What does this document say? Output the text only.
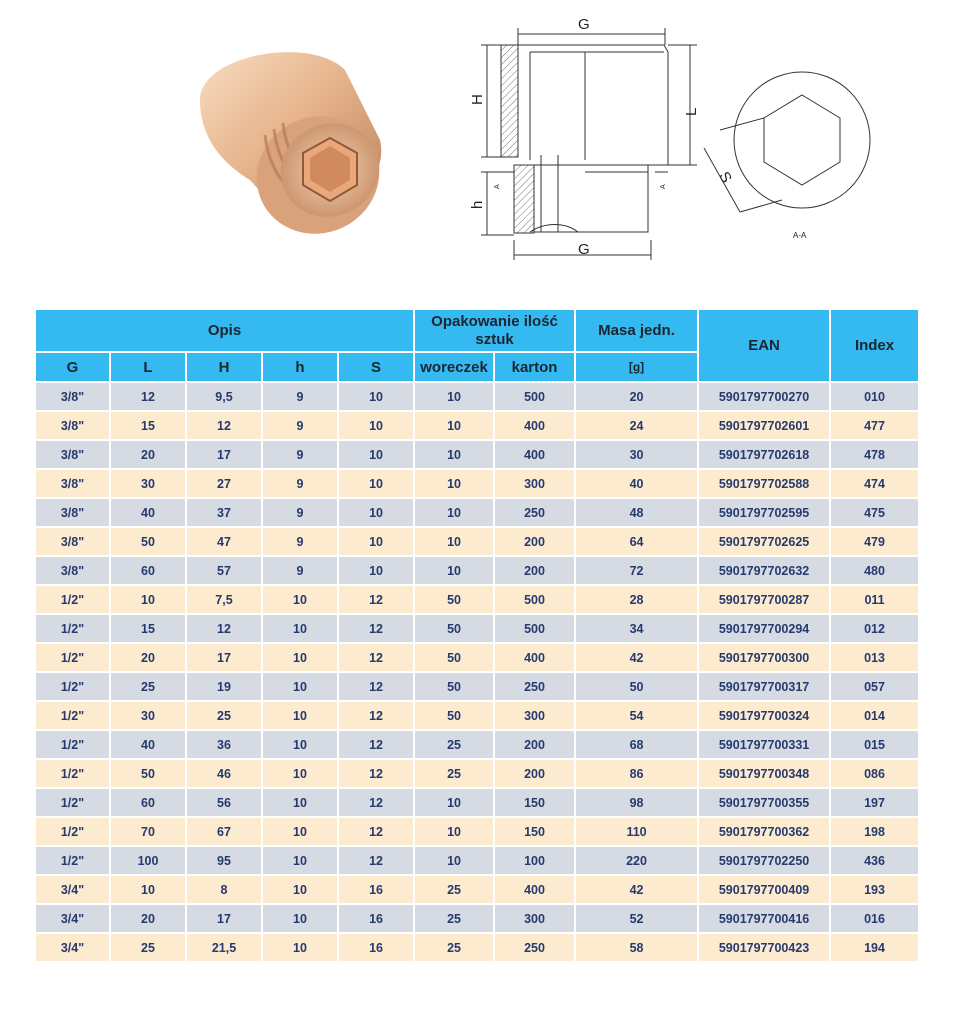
G
G
H
h
L
S
A	A
A-A
Opis					Opakowanie ilość sztuk		Masa jedn.	EAN	Index
G	L	H	h	S	woreczek	karton	[g]		
3/8"	12	9,5	9	10	10	500	20	5901797700270	010
3/8"	15	12	9	10	10	400	24	5901797702601	477
3/8"	20	17	9	10	10	400	30	5901797702618	478
3/8"	30	27	9	10	10	300	40	5901797702588	474
3/8"	40	37	9	10	10	250	48	5901797702595	475
3/8"	50	47	9	10	10	200	64	5901797702625	479
3/8"	60	57	9	10	10	200	72	5901797702632	480
1/2"	10	7,5	10	12	50	500	28	5901797700287	011
1/2"	15	12	10	12	50	500	34	5901797700294	012
1/2"	20	17	10	12	50	400	42	5901797700300	013
1/2"	25	19	10	12	50	250	50	5901797700317	057
1/2"	30	25	10	12	50	300	54	5901797700324	014
1/2"	40	36	10	12	25	200	68	5901797700331	015
1/2"	50	46	10	12	25	200	86	5901797700348	086
1/2"	60	56	10	12	10	150	98	5901797700355	197
1/2"	70	67	10	12	10	150	110	5901797700362	198
1/2"	100	95	10	12	10	100	220	5901797702250	436
3/4"	10	8	10	16	25	400	42	5901797700409	193
3/4"	20	17	10	16	25	300	52	5901797700416	016
3/4"	25	21,5	10	16	25	250	58	5901797700423	194
